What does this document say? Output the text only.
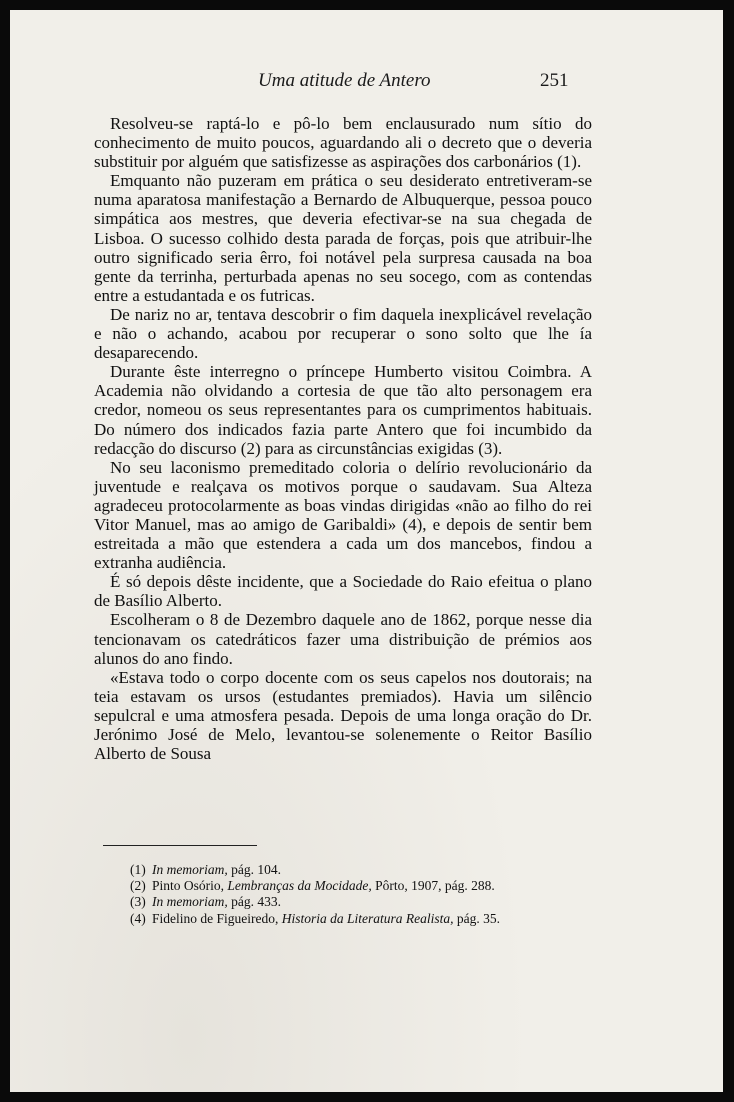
Uma atitude de Antero	251

Resolveu-se raptá-lo e pô-lo bem enclausurado num sítio do conhecimento de muito poucos, aguardando ali o decreto que o deveria substituir por alguém que satisfizesse as aspirações dos carbonários (1).

Emquanto não puzeram em prática o seu desiderato entretiveram-se numa aparatosa manifestação a Bernardo de Albuquerque, pessoa pouco simpática aos mestres, que deveria efectivar-se na sua chegada de Lisboa. O sucesso colhido desta parada de forças, pois que atribuir-lhe outro significado seria êrro, foi notável pela surpresa causada na boa gente da terrinha, perturbada apenas no seu socego, com as contendas entre a estudantada e os futricas.

De nariz no ar, tentava descobrir o fim daquela inexplicável revelação e não o achando, acabou por recuperar o sono solto que lhe ía desaparecendo.

Durante êste interregno o príncepe Humberto visitou Coimbra. A Academia não olvidando a cortesia de que tão alto personagem era credor, nomeou os seus representantes para os cumprimentos habituais. Do número dos indicados fazia parte Antero que foi incumbido da redacção do discurso (2) para as circunstâncias exigidas (3).

No seu laconismo premeditado coloria o delírio revolucionário da juventude e realçava os motivos porque o saudavam. Sua Alteza agradeceu protocolarmente as boas vindas dirigidas «não ao filho do rei Vitor Manuel, mas ao amigo de Garibaldi» (4), e depois de sentir bem estreitada a mão que estendera a cada um dos mancebos, findou a extranha audiência.

É só depois dêste incidente, que a Sociedade do Raio efeitua o plano de Basílio Alberto.

Escolheram o 8 de Dezembro daquele ano de 1862, porque nesse dia tencionavam os catedráticos fazer uma distribuição de prémios aos alunos do ano findo.

«Estava todo o corpo docente com os seus capelos nos doutorais; na teia estavam os ursos (estudantes premiados). Havia um silêncio sepulcral e uma atmosfera pesada. Depois de uma longa oração do Dr. Jerónimo José de Melo, levantou-se solenemente o Reitor Basílio Alberto de Sousa

(1) In memoriam, pág. 104.
(2) Pinto Osório, Lembranças da Mocidade, Pôrto, 1907, pág. 288.
(3) In memoriam, pág. 433.
(4) Fidelino de Figueiredo, Historia da Literatura Realista, pág. 35.
